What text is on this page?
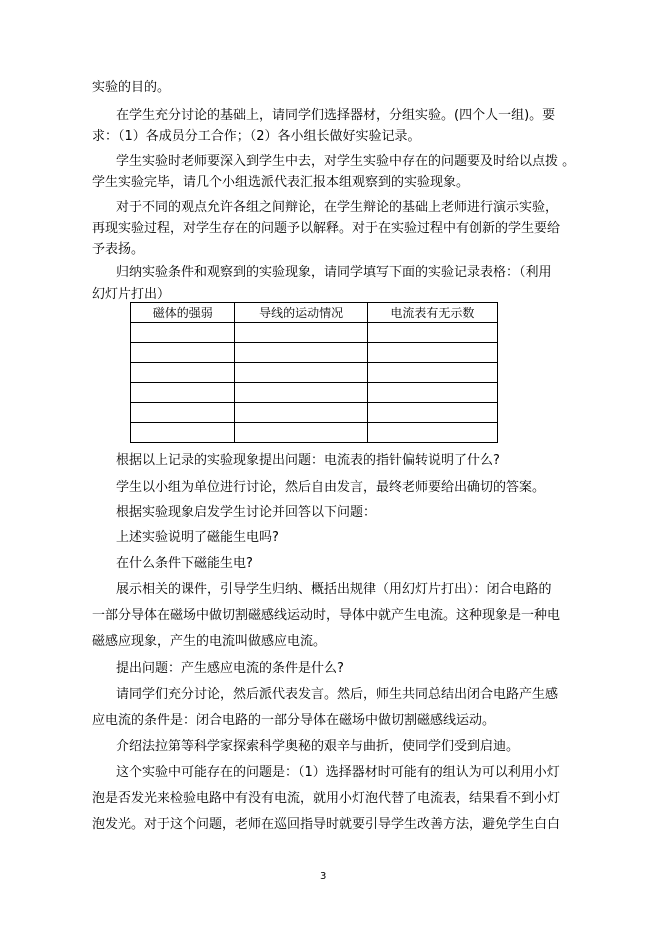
实验的目的。
在学生充分讨论的基础上，请同学们选择器材，分组实验。(四个人一组)。要
求：（1）各成员分工合作；（2）各小组长做好实验记录。
学生实验时老师要深入到学生中去，对学生实验中存在的问题要及时给以点拨 。
学生实验完毕，请几个小组选派代表汇报本组观察到的实验现象。
对于不同的观点允许各组之间辩论，在学生辩论的基础上老师进行演示实验，
再现实验过程，对学生存在的问题予以解释。对于在实验过程中有创新的学生要给
予表扬。
归纳实验条件和观察到的实验现象，请同学填写下面的实验记录表格：（利用
幻灯片打出）
磁体的强弱	导线的运动情况	电流表有无示数

根据以上记录的实验现象提出问题：电流表的指针偏转说明了什么?
学生以小组为单位进行讨论，然后自由发言，最终老师要给出确切的答案。
根据实验现象启发学生讨论并回答以下问题：
上述实验说明了磁能生电吗?
在什么条件下磁能生电?
展示相关的课件，引导学生归纳、概括出规律（用幻灯片打出）：闭合电路的
一部分导体在磁场中做切割磁感线运动时，导体中就产生电流。这种现象是一种电
磁感应现象，产生的电流叫做感应电流。
提出问题：产生感应电流的条件是什么?
请同学们充分讨论，然后派代表发言。然后，师生共同总结出闭合电路产生感
应电流的条件是：闭合电路的一部分导体在磁场中做切割磁感线运动。
介绍法拉第等科学家探索科学奥秘的艰辛与曲折，使同学们受到启迪。
这个实验中可能存在的问题是：（1）选择器材时可能有的组认为可以利用小灯
泡是否发光来检验电路中有没有电流，就用小灯泡代替了电流表，结果看不到小灯
泡发光。对于这个问题，老师在巡回指导时就要引导学生改善方法，避免学生白白
3
